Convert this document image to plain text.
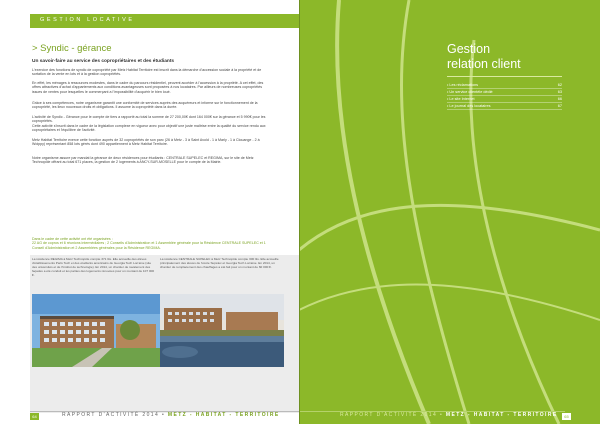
GESTION LOCATIVE
> Syndic - gérance
Un savoir-faire au service des copropriétaires et des étudiants
L'exercice des fonctions de syndic de copropriété par Metz Habitat Territoire est inscrit dans la démarche d'accession sociale à la propriété et de sortation de la vente en lots et à la gestion copropriétés.
En effet, les ménages à ressources modestes, dans le cadre du parcours résidentiel, peuvent accéder à l'accession à la propriété. A cet effet, des offres attractives d'achat d'appartements aux conditions avantageuses sont proposées à nos locataires. Par ailleurs de nombreuses copropriétés issues de ventes pour lesquelles le commerçant a l'impossibilité d'acquérir le bien loué.
Grâce à ses compétences, notre organisme garantit une conformité de services auprès des acquéreurs et informe sur le fonctionnement de la copropriété, les lieux nouveaux droits et obligations. Il assume la copropriété dans la durée.
L'activité de Syndic - Gérance pour le compte de tiers a rapporté au total la somme de 27 200,00€ dont 164 000€ sur la gérance et 5 990€ pour les copropriétés.
Cette activité s'inscrit dans le cadre de la législation complexe en vigueur avec pour objectif une juste maîtrise entre la qualité du service rendu aux copropriétaires et l'équilibre de l'activité.
Metz Habitat Territoire exerce cette fonction auprès de 32 copropriétés de son parc (26 à Metz - 3 à Saint Avold - 1 à Marly - 1 à Clouange - 2 à Woippy) représentant 858 lots gérés dont 490 appartiennent à Metz Habitat Territoire.
Notre organisme assure par mandat la gérance de deux résidences pour étudiants : CENTRALE SUPELEC et REGIMA, sur le site de Metz Technopôle offrant au total 671 places, la gestion de 2 logements à ANCY-SUR-MOSELLE pour le compte de la Mairie.
Dans le cadre de cette activité ont été organisées :
22 AG de copros et 6 réunions intermédiaires ; 2 Conseils d'Administration et 1 Assemblée générale pour la Résidence CENTRALE SUPELEC et 1 Conseil d'Administration et 2 Assemblées générales pour la Résidence REGIMA.
La résidence REGIMA à Metz Technopôle compte 371 lits. Elle accueille des élèves d'établissements Paris Tech et des étudiants américains de Georgia Tech Lorraine (site des universités et de l'Institut de technologie). En 2014, un chantier de ravalement des façades a été conduit et les parties des logements rénovées pour un montant de 107 000 €.
La résidence CENTRALE SUPELEC à Metz Technopôle compte 300 lits. Elle accueille principalement des élèves de l'école Supélec et Georgia Tech Lorraine. En 2014, un chantier de remplacement des chauffages a été fait pour un montant de 60 000 €.
64	RAPPORT D'ACTIVITÉ 2014 • METZ - HABITAT - TERRITOIRE
Gestion
relation client
• Les réclamations	62
• Un service clientèle dédié	63
• Le site Internet	66
• Le journal des locataires	67
RAPPORT D'ACTIVITÉ 2014 • METZ - HABITAT - TERRITOIRE	65
